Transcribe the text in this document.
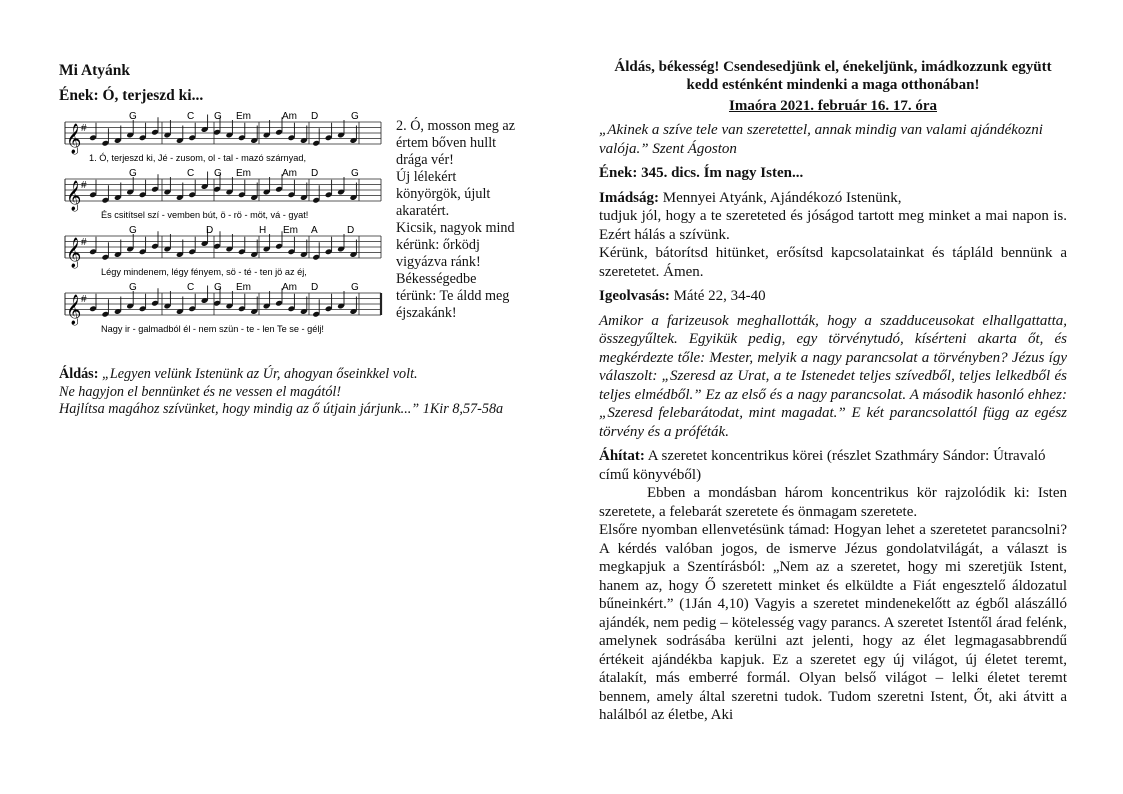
Mi Atyánk
Ének: Ó, terjeszd ki...
𝄞 #
G	C G Em	Am D	G
1. Ó, terjeszd ki, Jé - zusom, ol - tal - mazó szárnyad,
𝄞 #
G	C G Em	Am D	G
És csitítsel szí - vemben bút, ö - rö - möt, vá - gyat!
𝄞 #
G	D	H Em A	D
Légy mindenem, légy fényem, sö - té - ten jö az éj,
𝄞 #
G	C G Em	Am D	G
Nagy ir - galmadból él - nem szün - te - len Te se - gélj!
2. Ó, mosson meg az
értem bőven hullt
drága vér!
Új lélekért
könyörgök, újult
akaratért.
Kicsik, nagyok mind
kérünk: őrködj
vigyázva ránk!
Békességedbe
térünk: Te áldd meg
éjszakánk!
Áldás: „Legyen velünk Istenünk az Úr, ahogyan őseinkkel volt.
Ne hagyjon el bennünket és ne vessen el magától!
Hajlítsa magához szívünket, hogy mindig az ő útjain járjunk...” 1Kir 8,57-58a
Áldás, békesség! Csendesedjünk el, énekeljünk, imádkozzunk együtt
kedd esténként mindenki a maga otthonában!
Imaóra 2021. február 16. 17. óra
„Akinek a szíve tele van szeretettel, annak mindig van valami ajándékozni valója.” Szent Ágoston
Ének: 345. dics. Ím nagy Isten...
Imádság: Mennyei Atyánk, Ajándékozó Istenünk,
tudjuk jól, hogy a te szereteted és jóságod tartott meg minket a mai napon is. Ezért hálás a szívünk.
Kérünk, bátorítsd hitünket, erősítsd kapcsolatainkat és tápláld bennünk a szeretetet. Ámen.
Igeolvasás: Máté 22, 34-40
Amikor a farizeusok meghallották, hogy a szadduceusokat elhallgattatta, összegyűltek. Egyikük pedig, egy törvénytudó, kísérteni akarta őt, és megkérdezte tőle: Mester, melyik a nagy parancsolat a törvényben? Jézus így válaszolt: „Szeresd az Urat, a te Istenedet teljes szívedből, teljes lelkedből és teljes elmédből.” Ez az első és a nagy parancsolat. A második hasonló ehhez: „Szeresd felebarátodat, mint magadat.” E két parancsolattól függ az egész törvény és a próféták.
Áhítat: A szeretet koncentrikus körei (részlet Szathmáry Sándor: Útravaló című könyvéből)
Ebben a mondásban három koncentrikus kör rajzolódik ki: Isten szeretete, a felebarát szeretete és önmagam szeretete.
Elsőre nyomban ellenvetésünk támad: Hogyan lehet a szeretetet parancsolni? A kérdés valóban jogos, de ismerve Jézus gondolatvilágát, a választ is megkapjuk a Szentírásból: „Nem az a szeretet, hogy mi szeretjük Istent, hanem az, hogy Ő szeretett minket és elküldte a Fiát engesztelő áldozatul bűneinkért.” (1Ján 4,10) Vagyis a szeretet mindenekelőtt az égből alászálló ajándék, nem pedig – kötelesség vagy parancs. A szeretet Istentől árad felénk, amelynek sodrásába kerülni azt jelenti, hogy az élet legmagasabbrendű értékeit ajándékba kapjuk. Ez a szeretet egy új világot, új életet teremt, átalakít, más emberré formál. Olyan belső világot – lelki életet teremt bennem, amely által szeretni tudok. Tudom szeretni Istent, Őt, aki átvitt a halálból az életbe, Aki
